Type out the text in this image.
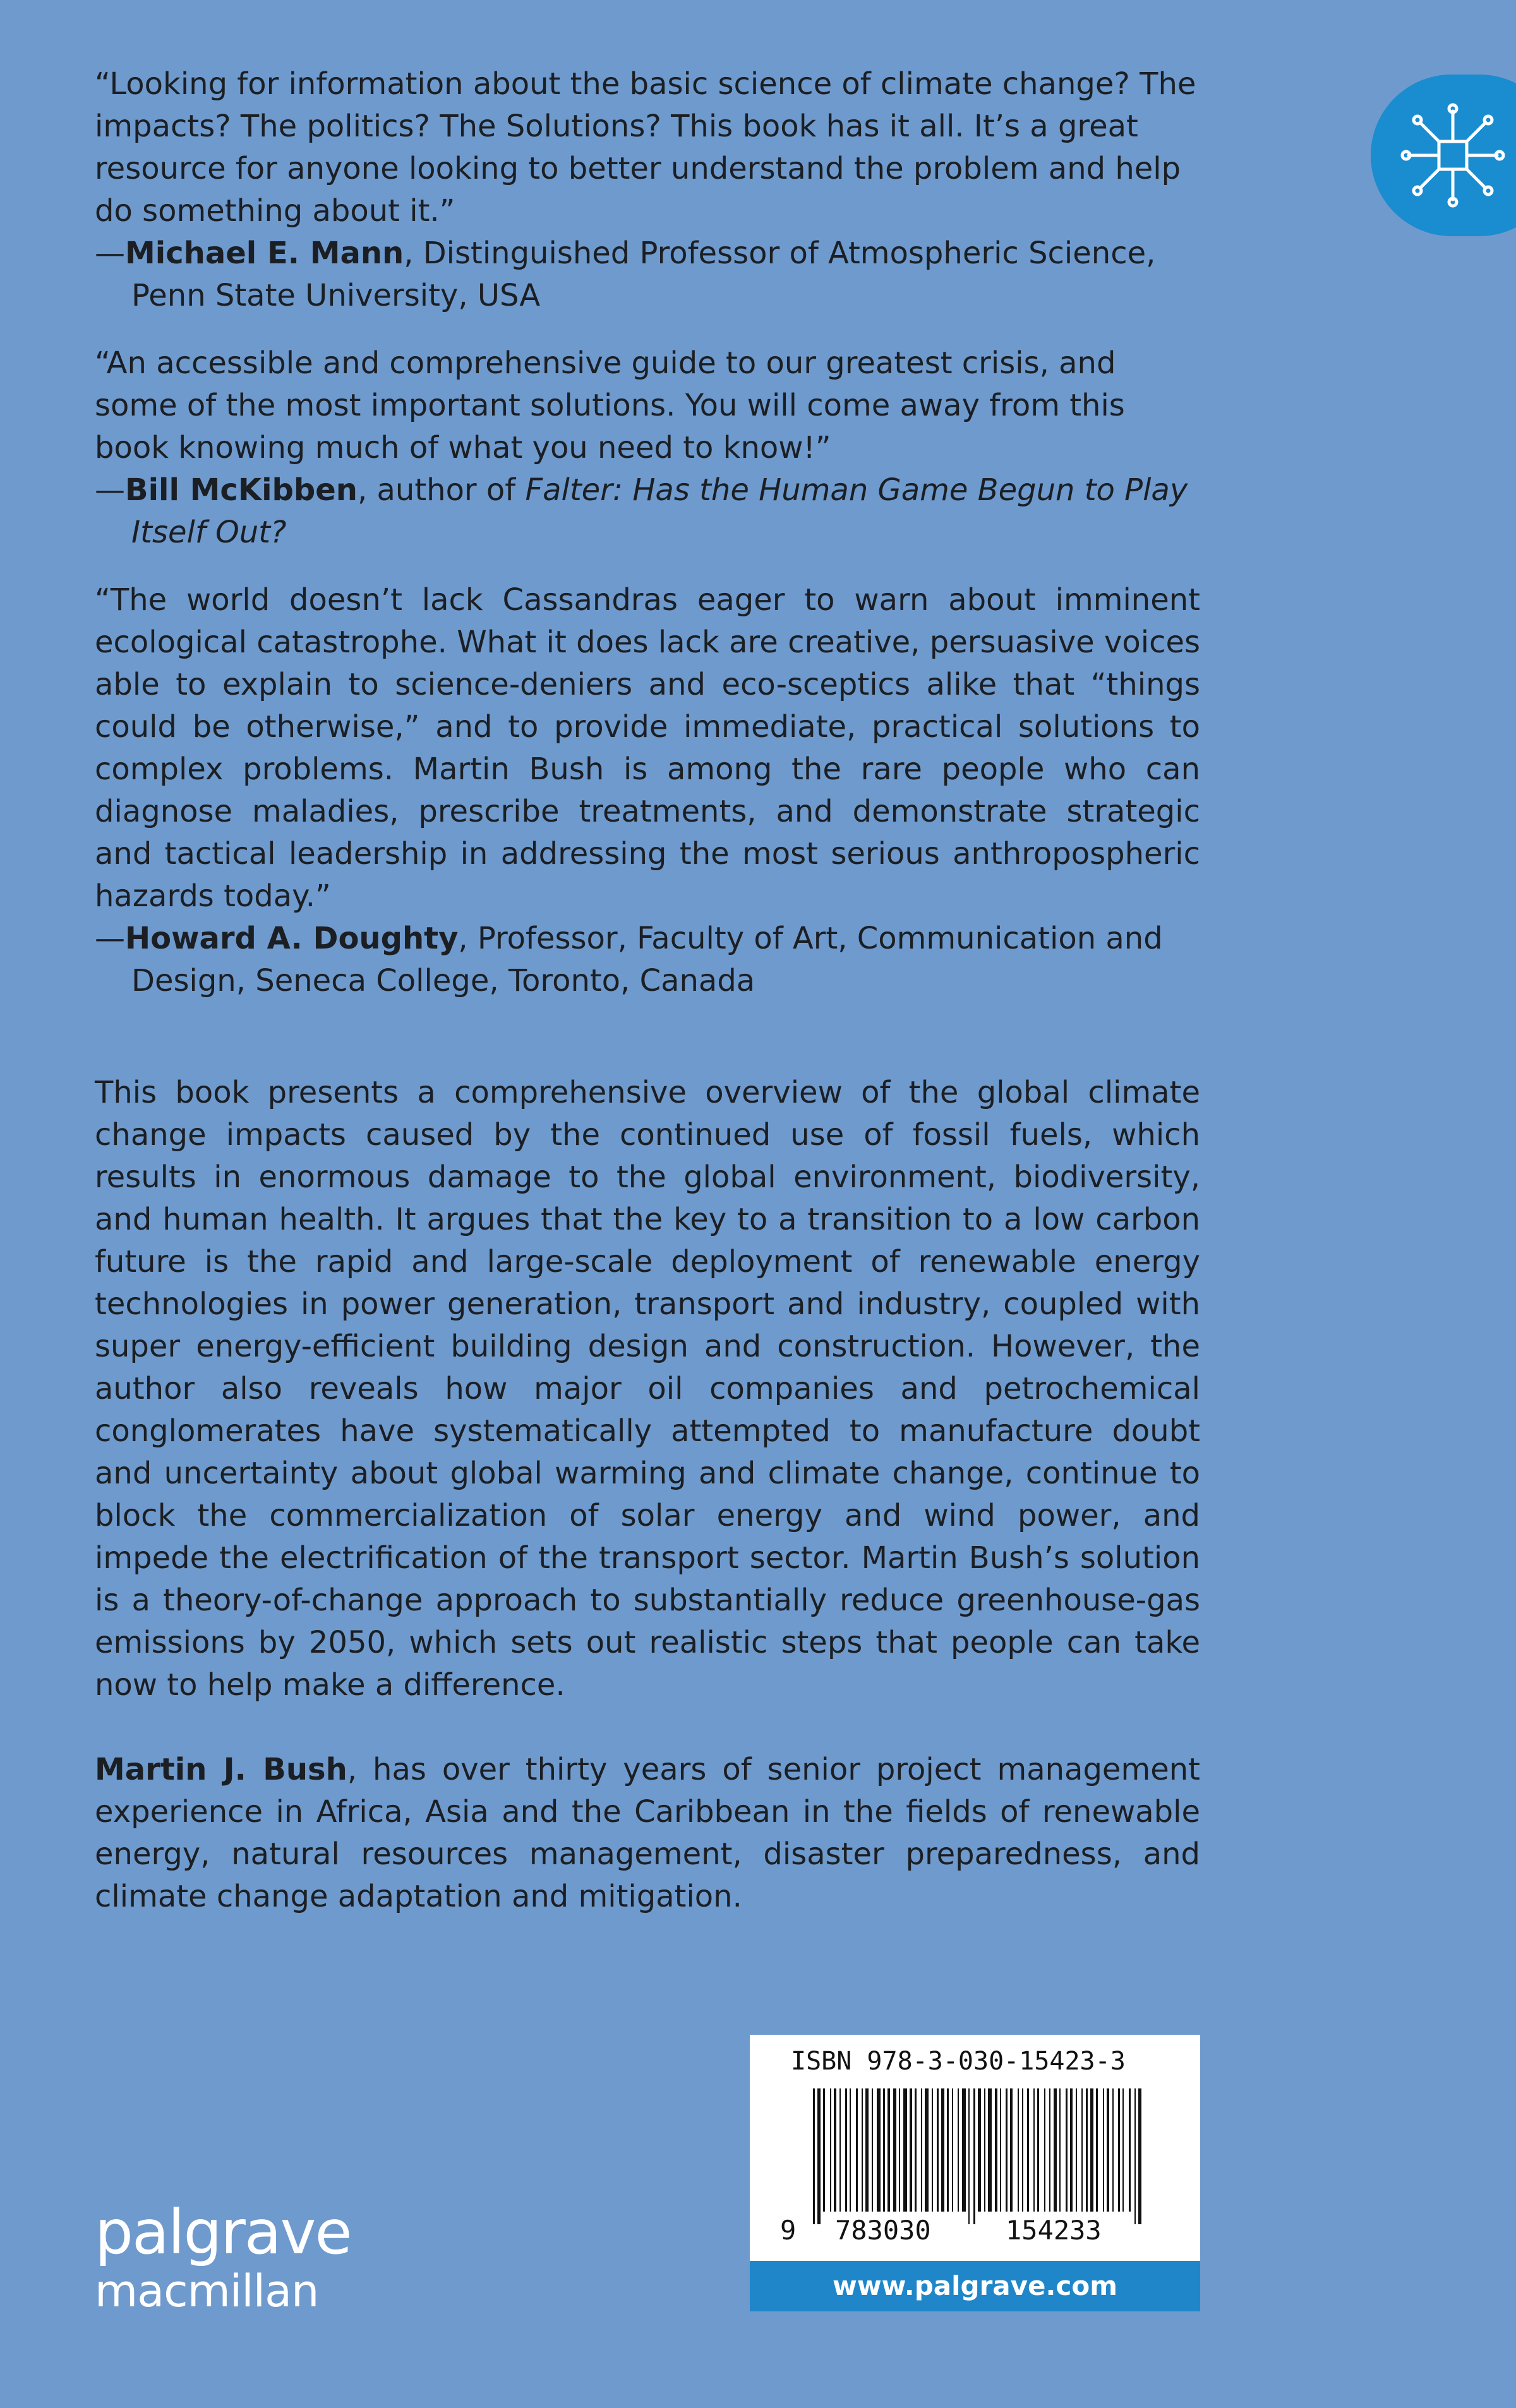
“Looking for information about the basic science of climate change? The impacts? The politics? The Solutions? This book has it all. It’s a great resource for anyone looking to better understand the problem and help do something about it.”

—Michael E. Mann, Distinguished Professor of Atmospheric Science, Penn State University, USA

“An accessible and comprehensive guide to our greatest crisis, and some of the most important solutions. You will come away from this book knowing much of what you need to know!”

—Bill McKibben, author of Falter: Has the Human Game Begun to Play Itself Out?

“The world doesn’t lack Cassandras eager to warn about imminent ecological catastrophe. What it does lack are creative, persuasive voices able to explain to science-deniers and eco-sceptics alike that “things could be otherwise,” and to provide immediate, practical solutions to complex problems. Martin Bush is among the rare people who can diagnose maladies, prescribe treatments, and demonstrate strategic and tactical leadership in addressing the most serious anthropospheric hazards today.”

—Howard A. Doughty, Professor, Faculty of Art, Communication and Design, Seneca College, Toronto, Canada

This book presents a comprehensive overview of the global climate change impacts caused by the continued use of fossil fuels, which results in enormous damage to the global environment, biodiversity, and human health. It argues that the key to a transition to a low carbon future is the rapid and large-scale deployment of renewable energy technologies in power generation, transport and industry, coupled with super energy-efficient building design and construction. However, the author also reveals how major oil companies and petrochemical conglomerates have systematically attempted to manufacture doubt and uncertainty about global warming and climate change, continue to block the commercialization of solar energy and wind power, and impede the electrification of the transport sector. Martin Bush’s solution is a theory-of-change approach to substantially reduce greenhouse-gas emissions by 2050, which sets out realistic steps that people can take now to help make a difference.

Martin J. Bush, has over thirty years of senior project management experience in Africa, Asia and the Caribbean in the fields of renewable energy, natural resources management, disaster preparedness, and climate change adaptation and mitigation.

palgrave
macmillan
ISBN 978-3-030-15423-3
9 783030	154233
www.palgrave.com
